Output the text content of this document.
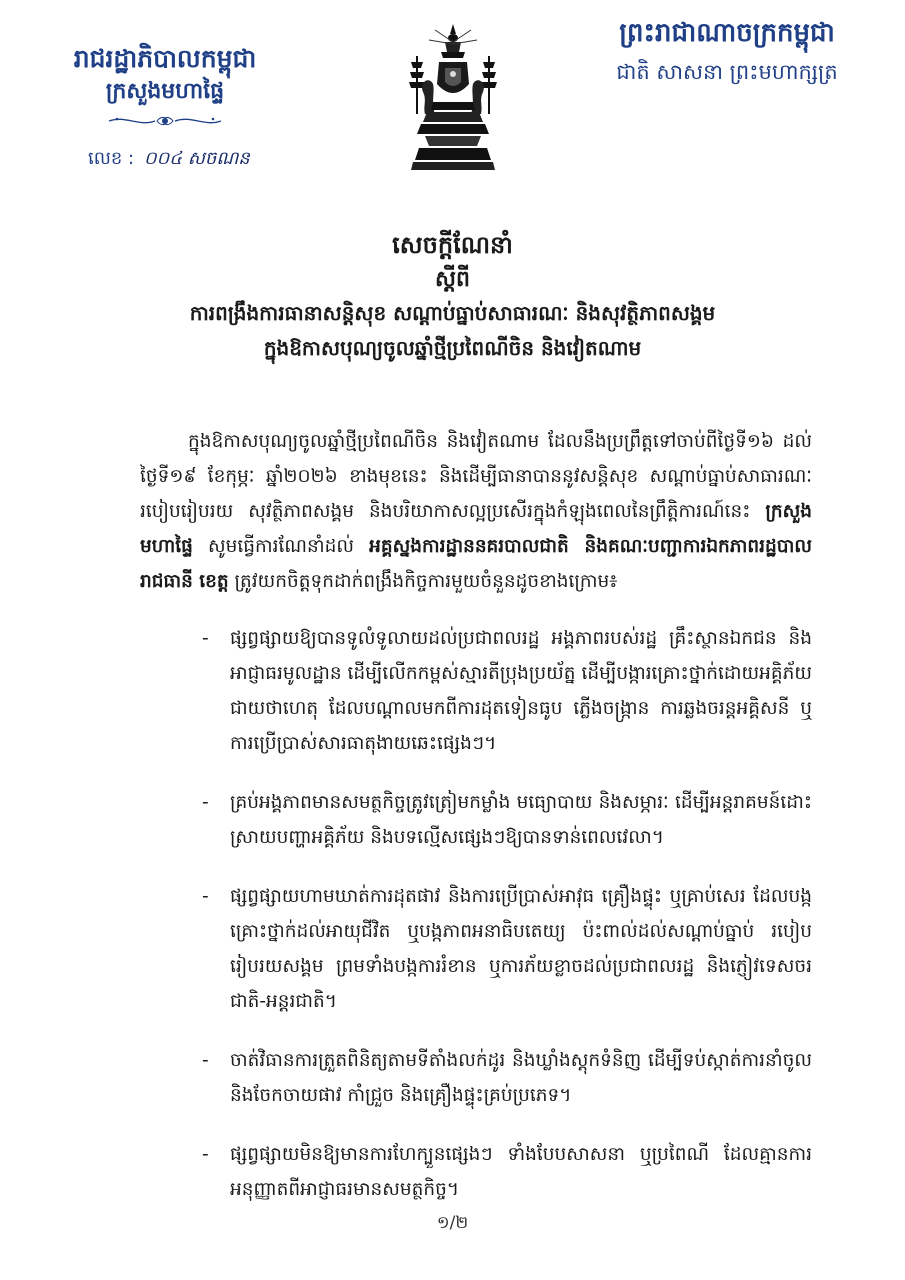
រាជរដ្ឋាភិបាលកម្ពុជា
ក្រសួងមហាផ្ទៃ
លេខ : ០០៤ សចណន
ព្រះរាជាណាចក្រកម្ពុជា
ជាតិ សាសនា ព្រះមហាក្សត្រ
សេចក្តីណែនាំ
ស្តីពី
ការពង្រឹងការធានាសន្តិសុខ សណ្តាប់ធ្នាប់សាធារណៈ និងសុវត្ថិភាពសង្គម
ក្នុងឱកាសបុណ្យចូលឆ្នាំថ្មីប្រពៃណីចិន និងវៀតណាម

ក្នុងឱកាសបុណ្យចូលឆ្នាំថ្មីប្រពៃណីចិន និងវៀតណាម ដែលនឹងប្រព្រឹត្តទៅចាប់ពីថ្ងៃទី១៦ ដល់ថ្ងៃទី១៩ ខែកុម្ភៈ ឆ្នាំ២០២៦ ខាងមុខនេះ និងដើម្បីធានាបាននូវសន្តិសុខ សណ្តាប់ធ្នាប់សាធារណៈ របៀបរៀបរយ សុវត្ថិភាពសង្គម និងបរិយាកាសល្អប្រសើរក្នុងកំឡុងពេលនៃព្រឹត្តិការណ៍នេះ ក្រសួងមហាផ្ទៃ សូមធ្វើការណែនាំដល់ អគ្គស្នងការដ្ឋាននគរបាលជាតិ និងគណៈបញ្ជាការឯកភាពរដ្ឋបាលរាជធានី ខេត្ត ត្រូវយកចិត្តទុកដាក់ពង្រឹងកិច្ចការមួយចំនួនដូចខាងក្រោម៖

-	ផ្សព្វផ្សាយឱ្យបានទូលំទូលាយដល់ប្រជាពលរដ្ឋ អង្គភាពរបស់រដ្ឋ គ្រឹះស្ថានឯកជន និងអាជ្ញាធរមូលដ្ឋាន ដើម្បីលើកកម្ពស់ស្មារតីប្រុងប្រយ័ត្ន ដើម្បីបង្ការគ្រោះថ្នាក់ដោយអគ្គិភ័យជាយថាហេតុ ដែលបណ្តាលមកពីការដុតទៀនធូប ភ្លើងចង្រ្កាន ការឆ្លងចរន្តអគ្គិសនី ឬការប្រើប្រាស់សារធាតុងាយឆេះផ្សេងៗ។
-	គ្រប់អង្គភាពមានសមត្ថកិច្ចត្រូវត្រៀមកម្លាំង មធ្យោបាយ និងសម្ភារៈ ដើម្បីអន្តរាគមន៍ដោះស្រាយបញ្ហាអគ្គិភ័យ និងបទល្មើសផ្សេងៗឱ្យបានទាន់ពេលវេលា។
-	ផ្សព្វផ្សាយហាមឃាត់ការដុតផាវ និងការប្រើប្រាស់អាវុធ គ្រឿងផ្ទុះ ឬគ្រាប់សេរ ដែលបង្កគ្រោះថ្នាក់ដល់អាយុជីវិត ឬបង្កភាពអនាធិបតេយ្យ ប៉ះពាល់ដល់សណ្តាប់ធ្នាប់ របៀបរៀបរយសង្គម ព្រមទាំងបង្កការរំខាន ឬការភ័យខ្លាចដល់ប្រជាពលរដ្ឋ និងភ្ញៀវទេសចរជាតិ-អន្តរជាតិ។
-	ចាត់វិធានការត្រួតពិនិត្យតាមទីតាំងលក់ដូរ និងឃ្លាំងស្តុកទំនិញ ដើម្បីទប់ស្កាត់ការនាំចូល និងចែកចាយផាវ កាំជ្រួច និងគ្រឿងផ្ទុះគ្រប់ប្រភេទ។
-	ផ្សព្វផ្សាយមិនឱ្យមានការហែក្បួនផ្សេងៗ ទាំងបែបសាសនា ឬប្រពៃណី ដែលគ្មានការអនុញ្ញាតពីអាជ្ញាធរមានសមត្ថកិច្ច។
១/២
